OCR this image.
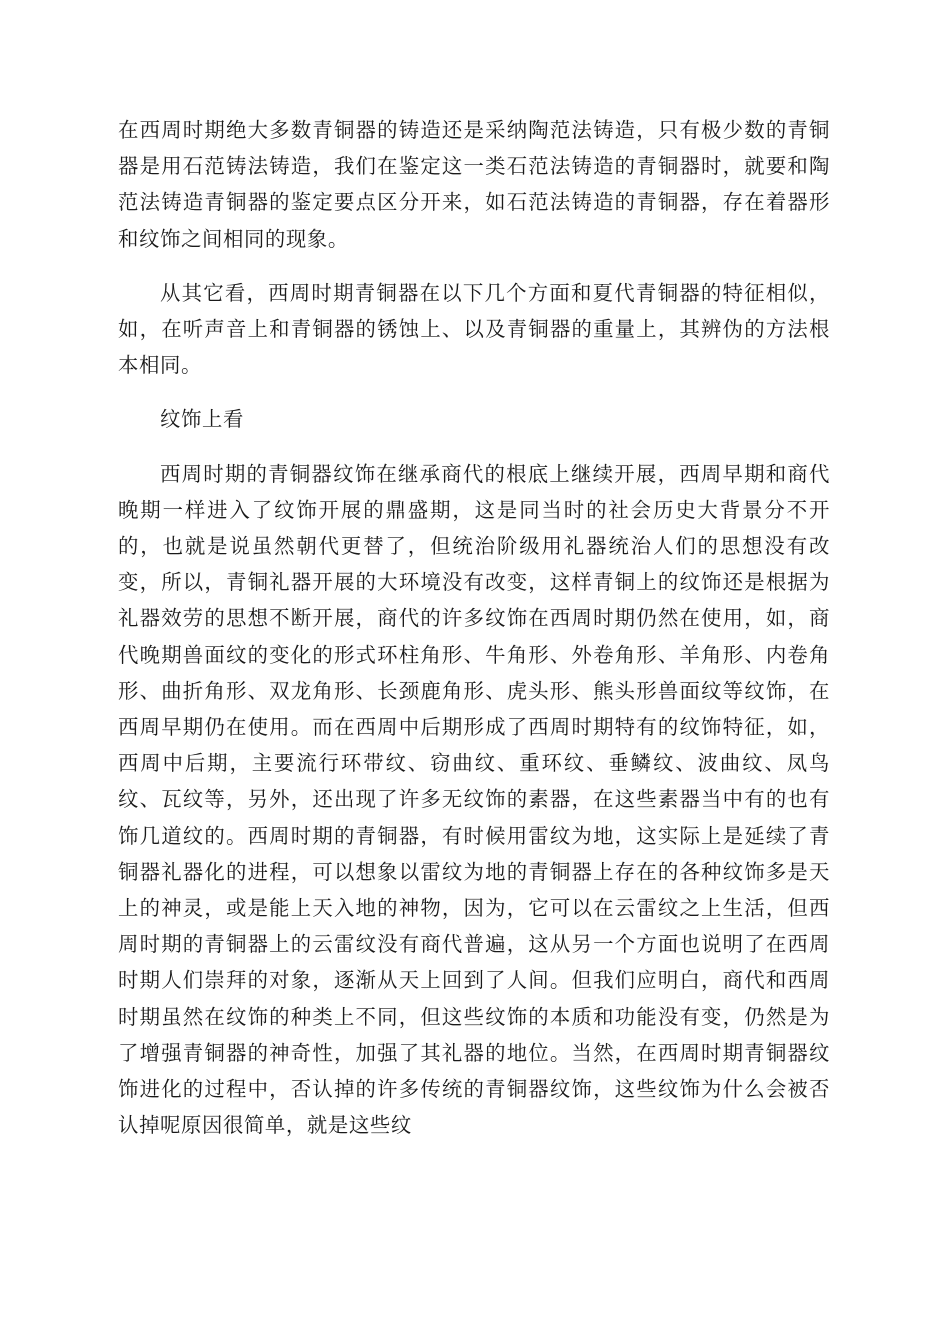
在西周时期绝大多数青铜器的铸造还是采纳陶范法铸造，只有极少数的青铜器是用石范铸法铸造，我们在鉴定这一类石范法铸造的青铜器时，就要和陶范法铸造青铜器的鉴定要点区分开来，如石范法铸造的青铜器，存在着器形和纹饰之间相同的现象。

从其它看，西周时期青铜器在以下几个方面和夏代青铜器的特征相似，如，在听声音上和青铜器的锈蚀上、以及青铜器的重量上，其辨伪的方法根本相同。

纹饰上看

西周时期的青铜器纹饰在继承商代的根底上继续开展，西周早期和商代晚期一样进入了纹饰开展的鼎盛期，这是同当时的社会历史大背景分不开的，也就是说虽然朝代更替了，但统治阶级用礼器统治人们的思想没有改变，所以，青铜礼器开展的大环境没有改变，这样青铜上的纹饰还是根据为礼器效劳的思想不断开展，商代的许多纹饰在西周时期仍然在使用，如，商代晚期兽面纹的变化的形式环柱角形、牛角形、外卷角形、羊角形、内卷角形、曲折角形、双龙角形、长颈鹿角形、虎头形、熊头形兽面纹等纹饰，在西周早期仍在使用。而在西周中后期形成了西周时期特有的纹饰特征，如，西周中后期，主要流行环带纹、窃曲纹、重环纹、垂鳞纹、波曲纹、凤鸟纹、瓦纹等，另外，还出现了许多无纹饰的素器，在这些素器当中有的也有饰几道纹的。西周时期的青铜器，有时候用雷纹为地，这实际上是延续了青铜器礼器化的进程，可以想象以雷纹为地的青铜器上存在的各种纹饰多是天上的神灵，或是能上天入地的神物，因为，它可以在云雷纹之上生活，但西周时期的青铜器上的云雷纹没有商代普遍，这从另一个方面也说明了在西周时期人们崇拜的对象，逐渐从天上回到了人间。但我们应明白，商代和西周时期虽然在纹饰的种类上不同，但这些纹饰的本质和功能没有变，仍然是为了增强青铜器的神奇性，加强了其礼器的地位。当然，在西周时期青铜器纹饰进化的过程中，否认掉的许多传统的青铜器纹饰，这些纹饰为什么会被否认掉呢原因很简单，就是这些纹
